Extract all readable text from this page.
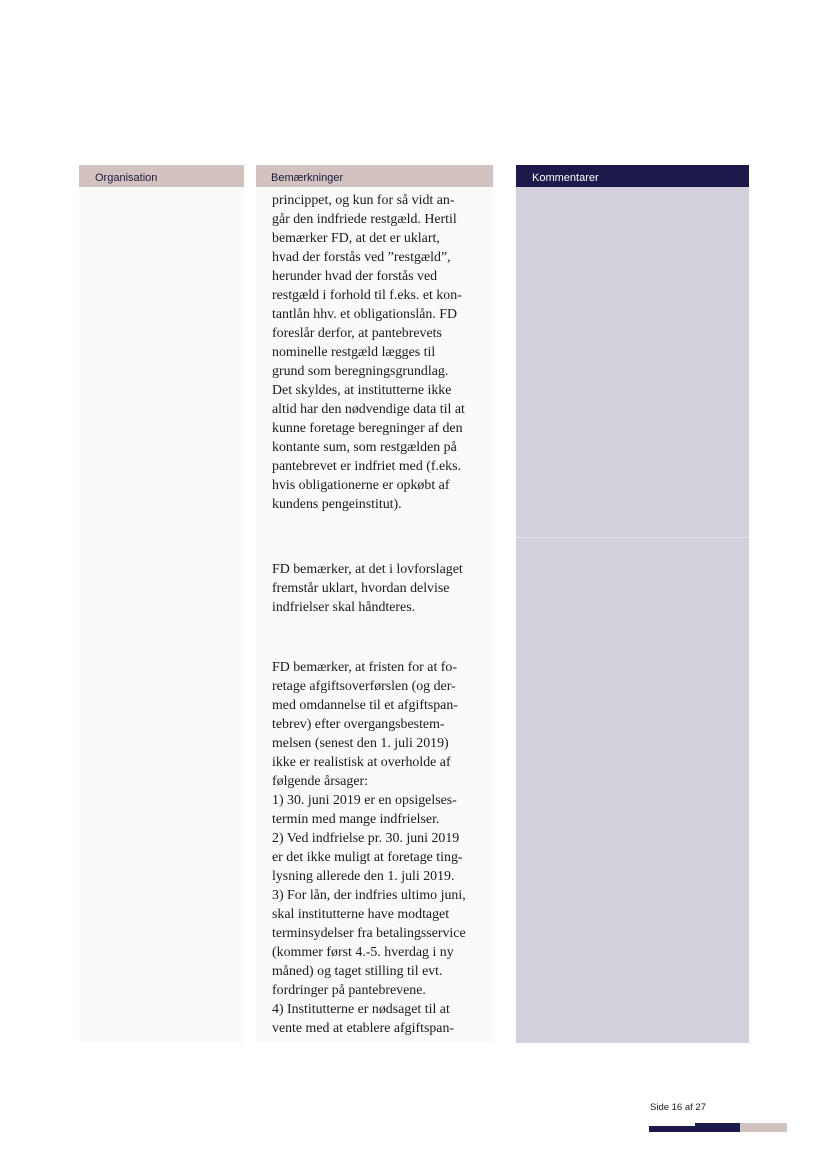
Organisation	Bemærkninger	Kommentarer

princippet, og kun for så vidt an-
går den indfriede restgæld. Hertil
bemærker FD, at det er uklart,
hvad der forstås ved ”restgæld”,
herunder hvad der forstås ved
restgæld i forhold til f.eks. et kon-
tantlån hhv. et obligationslån. FD
foreslår derfor, at pantebrevets
nominelle restgæld lægges til
grund som beregningsgrundlag.
Det skyldes, at institutterne ikke
altid har den nødvendige data til at
kunne foretage beregninger af den
kontante sum, som restgælden på
pantebrevet er indfriet med (f.eks.
hvis obligationerne er opkøbt af
kundens pengeinstitut).

FD bemærker, at det i lovforslaget
fremstår uklart, hvordan delvise
indfrielser skal håndteres.

FD bemærker, at fristen for at fo-
retage afgiftsoverførslen (og der-
med omdannelse til et afgiftspan-
tebrev) efter overgangsbestem-
melsen (senest den 1. juli 2019)
ikke er realistisk at overholde af
følgende årsager:
1) 30. juni 2019 er en opsigelses-
termin med mange indfrielser.
2) Ved indfrielse pr. 30. juni 2019
er det ikke muligt at foretage ting-
lysning allerede den 1. juli 2019.
3) For lån, der indfries ultimo juni,
skal institutterne have modtaget
terminsydelser fra betalingsservice
(kommer først 4.-5. hverdag i ny
måned) og taget stilling til evt.
fordringer på pantebrevene.
4) Institutterne er nødsaget til at
vente med at etablere afgiftspan-

Side 16 af 27
